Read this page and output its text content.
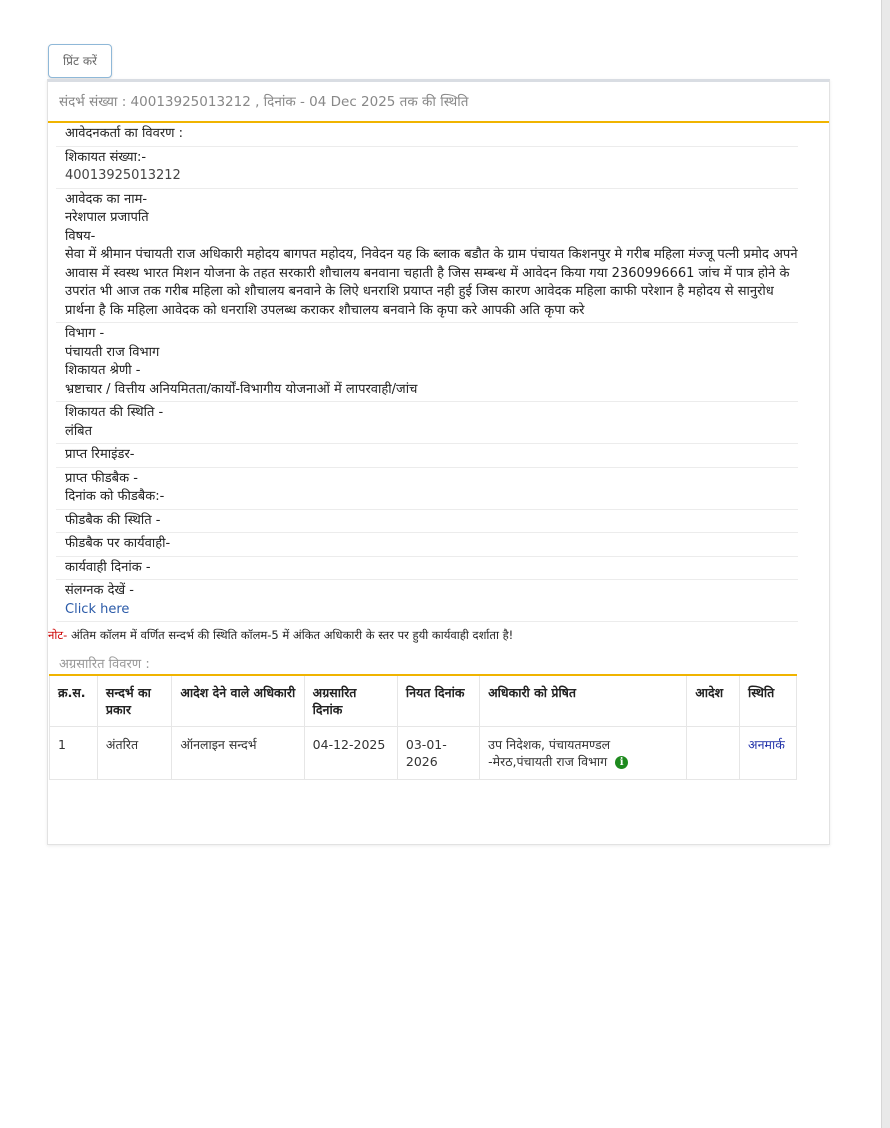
प्रिंट करें
संदर्भ संख्या : 40013925013212 , दिनांक - 04 Dec 2025 तक की स्थिति
आवेदनकर्ता का विवरण :
शिकायत संख्या:-
40013925013212
आवेदक का नाम-
नरेशपाल प्रजापति
विषय-
सेवा में श्रीमान पंचायती राज अधिकारी महोदय बागपत महोदय, निवेदन यह कि ब्लाक बडौत के ग्राम पंचायत किशनपुर मे गरीब महिला मंज्जू पत्नी प्रमोद अपने आवास में स्वस्थ भारत मिशन योजना के तहत सरकारी शौचालय बनवाना चहाती है जिस सम्बन्ध में आवेदन किया गया 2360996661 जांच में पात्र होने के उपरांत भी आज तक गरीब महिला को शौचालय बनवाने के लिऐ धनराशि प्रयाप्त नही हुई जिस कारण आवेदक महिला काफी परेशान है महोदय से सानुरोध प्रार्थना है कि महिला आवेदक को धनराशि उपलब्ध कराकर शौचालय बनवाने कि कृपा करे आपकी अति कृपा करे
विभाग -
पंचायती राज विभाग
शिकायत श्रेणी -
भ्रष्टाचार / वित्तीय अनियमितता/कार्यों-विभागीय योजनाओं में लापरवाही/जांच
शिकायत की स्थिति -
लंबित
प्राप्त रिमाइंडर-
प्राप्त फीडबैक -
दिनांक को फीडबैक:-
फीडबैक की स्थिति -
फीडबैक पर कार्यवाही-
कार्यवाही दिनांक -
संलग्नक देखें -
Click here
नोट- अंतिम कॉलम में वर्णित सन्दर्भ की स्थिति कॉलम-5 में अंकित अधिकारी के स्तर पर हुयी कार्यवाही दर्शाता है!
अग्रसारित विवरण :
क्र.स.	सन्दर्भ का प्रकार	आदेश देने वाले अधिकारी	अग्रसारित दिनांक	नियत दिनांक	अधिकारी को प्रेषित	आदेश	स्थिति
1	अंतरित	ऑनलाइन सन्दर्भ	04-12-2025	03-01-2026	उप निदेशक, पंचायतमण्डल -मेरठ,पंचायती राज विभाग i		अनमार्क
